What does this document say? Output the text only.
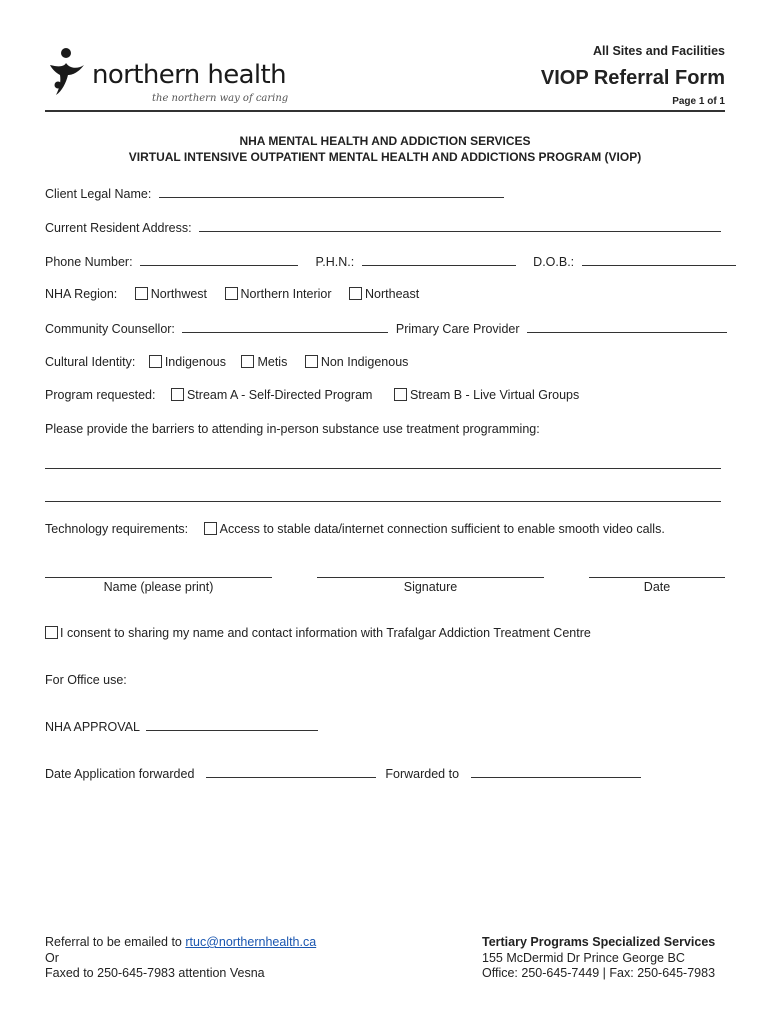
northern health
the northern way of caring
All Sites and Facilities
VIOP Referral Form
Page 1 of 1
NHA MENTAL HEALTH AND ADDICTION SERVICES
VIRTUAL INTENSIVE OUTPATIENT MENTAL HEALTH AND ADDICTIONS PROGRAM (VIOP)
Client Legal Name:
Current Resident Address:
Phone Number:	P.H.N.:	D.O.B.:
NHA Region:	Northwest	Northern Interior	Northeast
Community Counsellor:	Primary Care Provider
Cultural Identity: Indigenous	Metis	Non Indigenous
Program requested:	Stream A - Self-Directed Program	Stream B - Live Virtual Groups
Please provide the barriers to attending in-person substance use treatment programming:
Technology requirements:	Access to stable data/internet connection sufficient to enable smooth video calls.
Name (please print)	Signature	Date
I consent to sharing my name and contact information with Trafalgar Addiction Treatment Centre
For Office use:
NHA APPROVAL
Date Application forwarded	Forwarded to
Referral to be emailed to rtuc@northernhealth.ca
Or
Faxed to 250-645-7983 attention Vesna
Tertiary Programs Specialized Services
155 McDermid Dr Prince George BC
Office: 250-645-7449 | Fax: 250-645-7983
